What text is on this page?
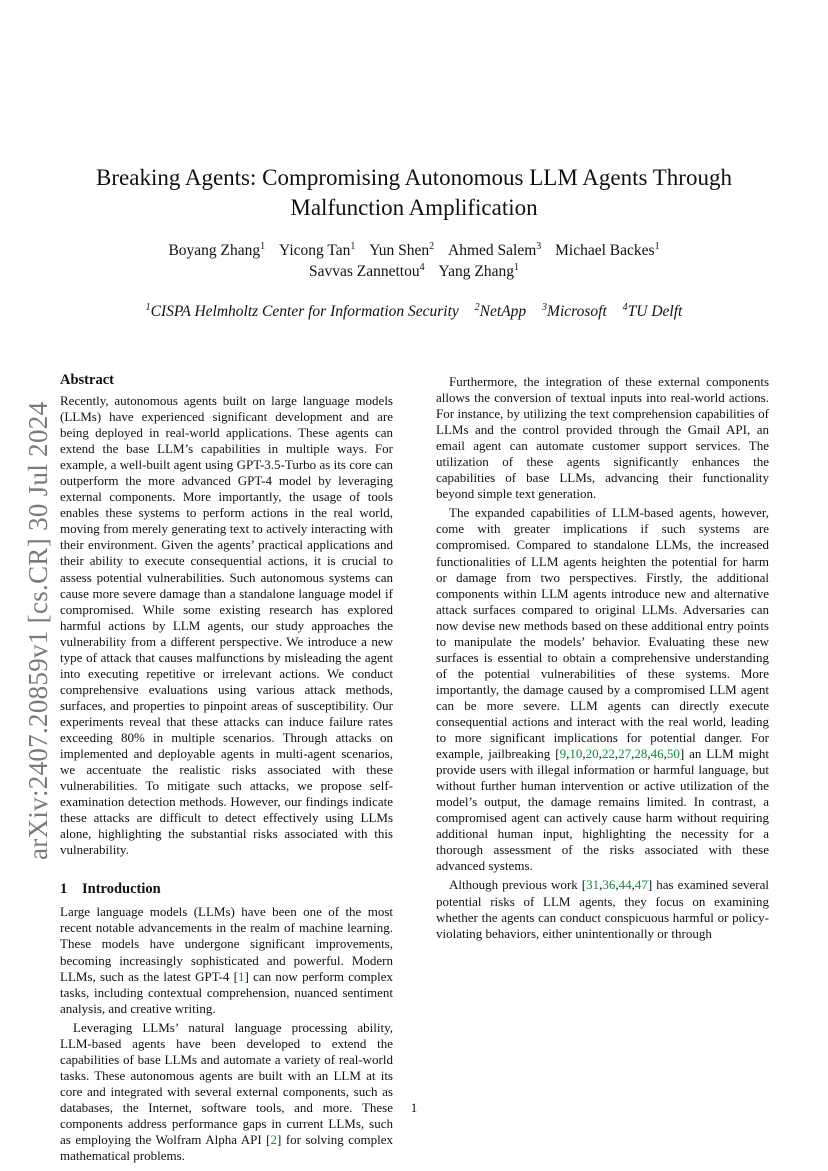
arXiv:2407.20859v1 [cs.CR] 30 Jul 2024
Breaking Agents: Compromising Autonomous LLM Agents Through Malfunction Amplification
Boyang Zhang$^1$ Yicong Tan$^1$ Yun Shen$^2$ Ahmed Salem$^3$ Michael Backes$^1$
Savvas Zannettou$^4$ Yang Zhang$^1$
$^1$CISPA Helmholtz Center for Information Security $^2$NetApp $^3$Microsoft $^4$TU Delft
Abstract

Recently, autonomous agents built on large language models (LLMs) have experienced significant development and are being deployed in real-world applications. These agents can extend the base LLM’s capabilities in multiple ways. For example, a well-built agent using GPT-3.5-Turbo as its core can outperform the more advanced GPT-4 model by leveraging external components. More importantly, the usage of tools enables these systems to perform actions in the real world, moving from merely generating text to actively interacting with their environment. Given the agents’ practical applications and their ability to execute consequential actions, it is crucial to assess potential vulnerabilities. Such autonomous systems can cause more severe damage than a standalone language model if compromised. While some existing research has explored harmful actions by LLM agents, our study approaches the vulnerability from a different perspective. We introduce a new type of attack that causes malfunctions by misleading the agent into executing repetitive or irrelevant actions. We conduct comprehensive evaluations using various attack methods, surfaces, and properties to pinpoint areas of susceptibility. Our experiments reveal that these attacks can induce failure rates exceeding 80% in multiple scenarios. Through attacks on implemented and deployable agents in multi-agent scenarios, we accentuate the realistic risks associated with these vulnerabilities. To mitigate such attacks, we propose self-examination detection methods. However, our findings indicate these attacks are difficult to detect effectively using LLMs alone, highlighting the substantial risks associated with this vulnerability.

1 Introduction

Large language models (LLMs) have been one of the most recent notable advancements in the realm of machine learning. These models have undergone significant improvements, becoming increasingly sophisticated and powerful. Modern LLMs, such as the latest GPT-4 [1] can now perform complex tasks, including contextual comprehension, nuanced sentiment analysis, and creative writing.

Leveraging LLMs’ natural language processing ability, LLM-based agents have been developed to extend the capabilities of base LLMs and automate a variety of real-world tasks. These autonomous agents are built with an LLM at its core and integrated with several external components, such as databases, the Internet, software tools, and more. These components address performance gaps in current LLMs, such as employing the Wolfram Alpha API [2] for solving complex mathematical problems.

Furthermore, the integration of these external components allows the conversion of textual inputs into real-world actions. For instance, by utilizing the text comprehension capabilities of LLMs and the control provided through the Gmail API, an email agent can automate customer support services. The utilization of these agents significantly enhances the capabilities of base LLMs, advancing their functionality beyond simple text generation.

The expanded capabilities of LLM-based agents, however, come with greater implications if such systems are compromised. Compared to standalone LLMs, the increased functionalities of LLM agents heighten the potential for harm or damage from two perspectives. Firstly, the additional components within LLM agents introduce new and alternative attack surfaces compared to original LLMs. Adversaries can now devise new methods based on these additional entry points to manipulate the models’ behavior. Evaluating these new surfaces is essential to obtain a comprehensive understanding of the potential vulnerabilities of these systems. More importantly, the damage caused by a compromised LLM agent can be more severe. LLM agents can directly execute consequential actions and interact with the real world, leading to more significant implications for potential danger. For example, jailbreaking [9,10,20,22,27,28,46,50] an LLM might provide users with illegal information or harmful language, but without further human intervention or active utilization of the model’s output, the damage remains limited. In contrast, a compromised agent can actively cause harm without requiring additional human input, highlighting the necessity for a thorough assessment of the risks associated with these advanced systems.

Although previous work [31,36,44,47] has examined several potential risks of LLM agents, they focus on examining whether the agents can conduct conspicuous harmful or policy-violating behaviors, either unintentionally or through

1
